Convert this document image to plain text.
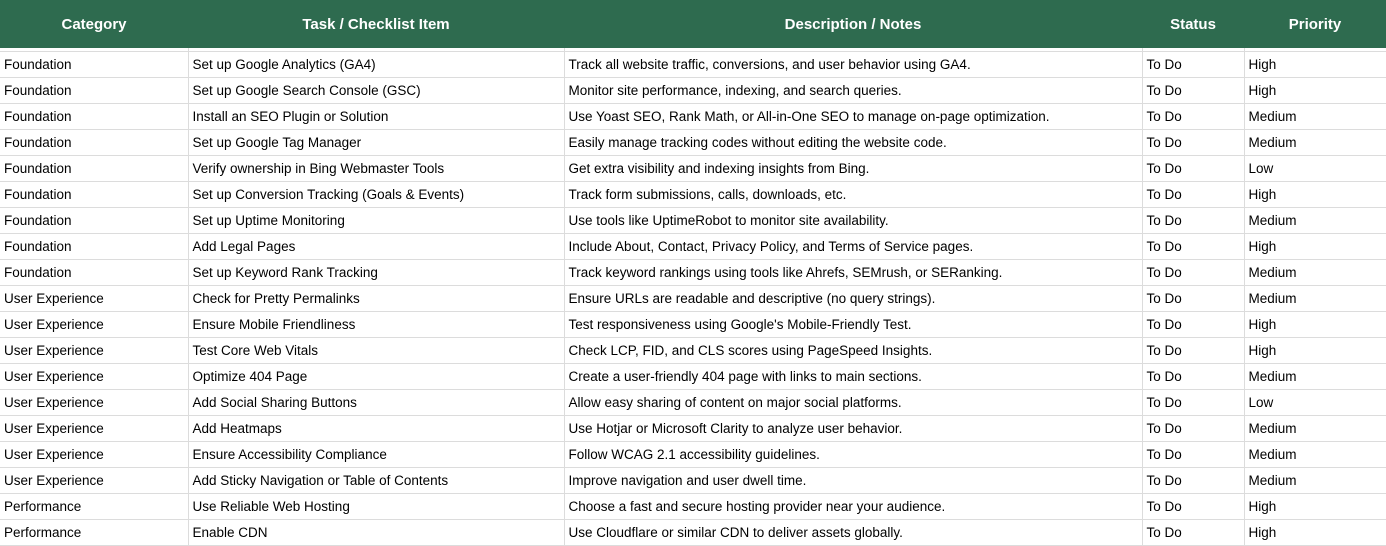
Category	Task / Checklist Item	Description / Notes	Status	Priority

Foundation	Set up Google Analytics (GA4)	Track all website traffic, conversions, and user behavior using GA4.	To Do	High
Foundation	Set up Google Search Console (GSC)	Monitor site performance, indexing, and search queries.	To Do	High
Foundation	Install an SEO Plugin or Solution	Use Yoast SEO, Rank Math, or All-in-One SEO to manage on-page optimization.	To Do	Medium
Foundation	Set up Google Tag Manager	Easily manage tracking codes without editing the website code.	To Do	Medium
Foundation	Verify ownership in Bing Webmaster Tools	Get extra visibility and indexing insights from Bing.	To Do	Low
Foundation	Set up Conversion Tracking (Goals & Events)	Track form submissions, calls, downloads, etc.	To Do	High
Foundation	Set up Uptime Monitoring	Use tools like UptimeRobot to monitor site availability.	To Do	Medium
Foundation	Add Legal Pages	Include About, Contact, Privacy Policy, and Terms of Service pages.	To Do	High
Foundation	Set up Keyword Rank Tracking	Track keyword rankings using tools like Ahrefs, SEMrush, or SERanking.	To Do	Medium
User Experience	Check for Pretty Permalinks	Ensure URLs are readable and descriptive (no query strings).	To Do	Medium
User Experience	Ensure Mobile Friendliness	Test responsiveness using Google's Mobile-Friendly Test.	To Do	High
User Experience	Test Core Web Vitals	Check LCP, FID, and CLS scores using PageSpeed Insights.	To Do	High
User Experience	Optimize 404 Page	Create a user-friendly 404 page with links to main sections.	To Do	Medium
User Experience	Add Social Sharing Buttons	Allow easy sharing of content on major social platforms.	To Do	Low
User Experience	Add Heatmaps	Use Hotjar or Microsoft Clarity to analyze user behavior.	To Do	Medium
User Experience	Ensure Accessibility Compliance	Follow WCAG 2.1 accessibility guidelines.	To Do	Medium
User Experience	Add Sticky Navigation or Table of Contents	Improve navigation and user dwell time.	To Do	Medium
Performance	Use Reliable Web Hosting	Choose a fast and secure hosting provider near your audience.	To Do	High
Performance	Enable CDN	Use Cloudflare or similar CDN to deliver assets globally.	To Do	High
